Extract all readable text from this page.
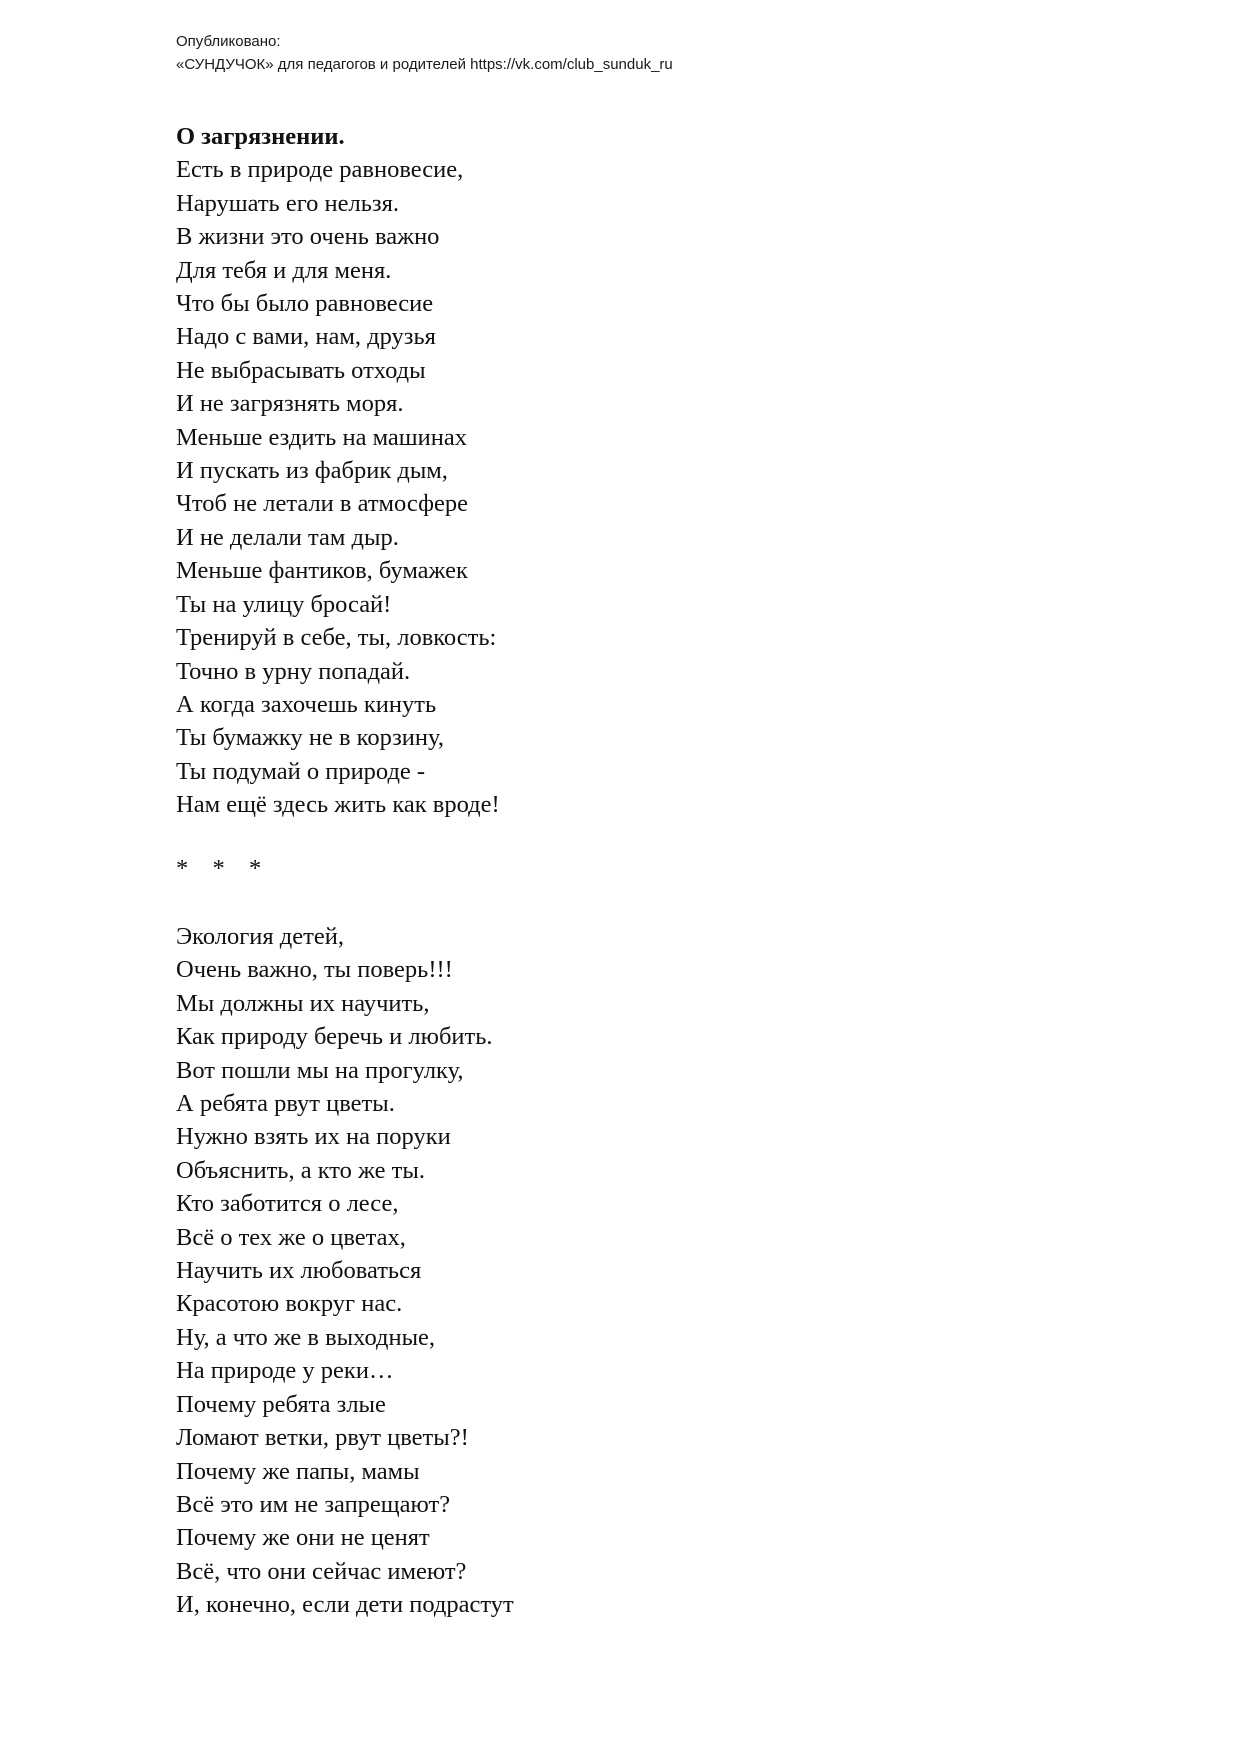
Опубликовано:
«СУНДУЧОК» для педагогов и родителей https://vk.com/club_sunduk_ru
О загрязнении.
Есть в природе равновесие,
Нарушать его нельзя.
В жизни это очень важно
Для тебя и для меня.
Что бы было равновесие
Надо с вами, нам, друзья
Не выбрасывать отходы
И не загрязнять моря.
Меньше ездить на машинах
И пускать из фабрик дым,
Чтоб не летали в атмосфере
И не делали там дыр.
Меньше фантиков, бумажек
Ты на улицу бросай!
Тренируй в себе, ты, ловкость:
Точно в урну попадай.
А когда захочешь кинуть
Ты бумажку не в корзину,
Ты подумай о природе -
Нам ещё здесь жить как вроде!
*  *  *
Экология детей,
Очень важно, ты поверь!!!
Мы должны их научить,
Как природу беречь и любить.
Вот пошли мы на прогулку,
А ребята рвут цветы.
Нужно взять их на поруки
Объяснить, а кто же ты.
Кто заботится о лесе,
Всё о тех же о цветах,
Научить их любоваться
Красотою вокруг нас.
Ну, а что же в выходные,
На природе у реки…
Почему ребята злые
Ломают ветки, рвут цветы?!
Почему же папы, мамы
Всё это им не запрещают?
Почему же они не ценят
Всё, что они сейчас имеют?
И, конечно, если дети подрастут
